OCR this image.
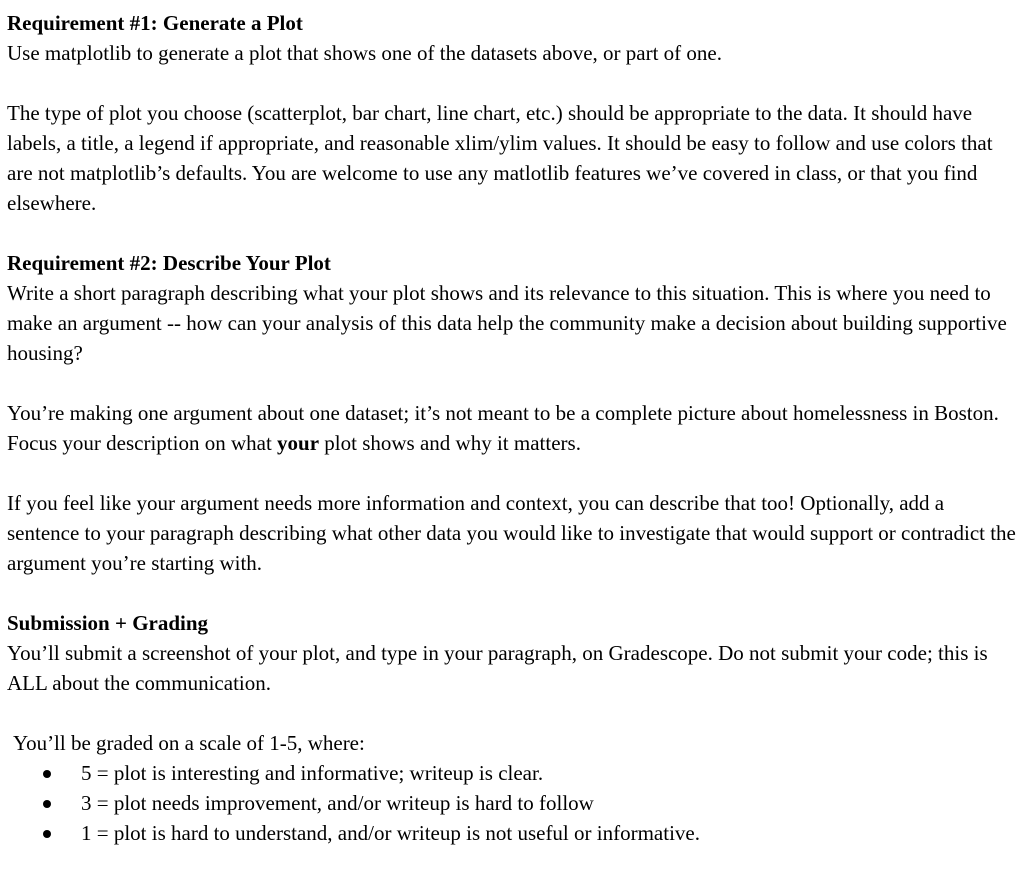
Requirement #1: Generate a Plot

Use matplotlib to generate a plot that shows one of the datasets above, or part of one.

The type of plot you choose (scatterplot, bar chart, line chart, etc.) should be appropriate to the data. It should have labels, a title, a legend if appropriate, and reasonable xlim/ylim values. It should be easy to follow and use colors that are not matplotlib’s defaults. You are welcome to use any matlotlib features we’ve covered in class, or that you find elsewhere.

Requirement #2: Describe Your Plot

Write a short paragraph describing what your plot shows and its relevance to this situation. This is where you need to make an argument -- how can your analysis of this data help the community make a decision about building supportive housing?

You’re making one argument about one dataset; it’s not meant to be a complete picture about homelessness in Boston. Focus your description on what your plot shows and why it matters.

If you feel like your argument needs more information and context, you can describe that too! Optionally, add a sentence to your paragraph describing what other data you would like to investigate that would support or contradict the argument you’re starting with.

Submission + Grading

You’ll submit a screenshot of your plot, and type in your paragraph, on Gradescope. Do not submit your code; this is ALL about the communication.

You’ll be graded on a scale of 1-5, where:

5 = plot is interesting and informative; writeup is clear.
3 = plot needs improvement, and/or writeup is hard to follow
1 = plot is hard to understand, and/or writeup is not useful or informative.
